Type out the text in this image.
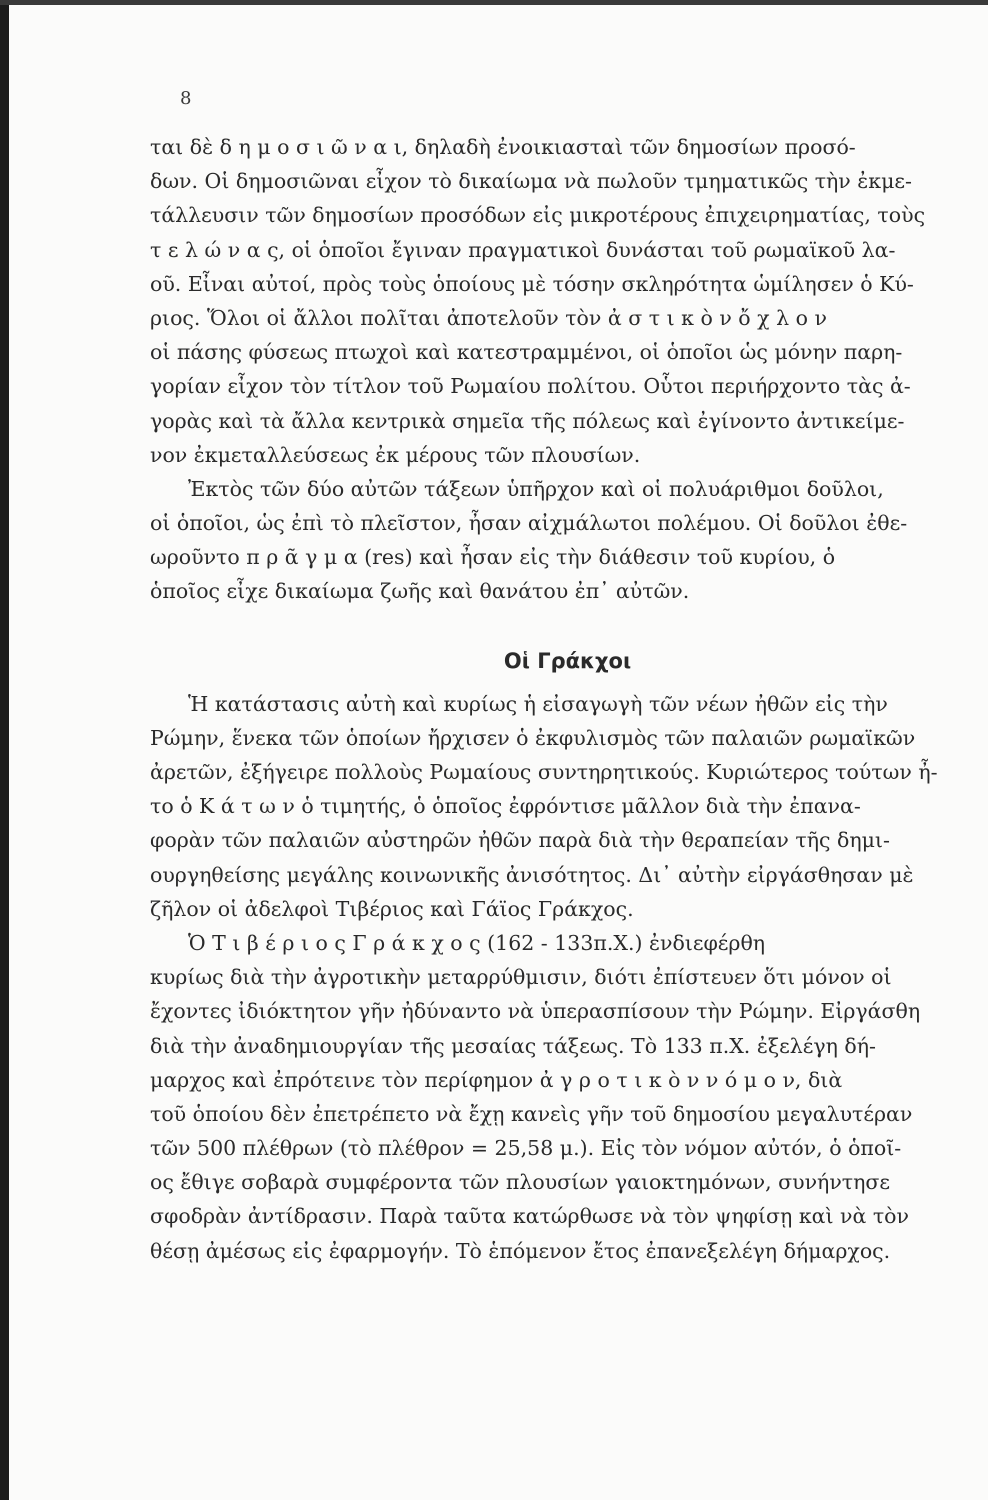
8
ται δὲ δ η μ ο σ ι ῶ ν α ι, δηλαδὴ ἐνοικιασταὶ τῶν δημοσίων προσό-
δων. Οἱ δημοσιῶναι εἶχον τὸ δικαίωμα νὰ πωλοῦν τμηματικῶς τὴν ἐκμε-
τάλλευσιν τῶν δημοσίων προσόδων εἰς μικροτέρους ἐπιχειρηματίας, τοὺς
τ ε λ ώ ν α ς, οἱ ὁποῖοι ἔγιναν πραγματικοὶ δυνάσται τοῦ ρωμαϊκοῦ λα-
οῦ. Εἶναι αὐτοί, πρὸς τοὺς ὁποίους μὲ τόσην σκληρότητα ὡμίλησεν ὁ Κύ-
ριος. Ὅλοι οἱ ἄλλοι πολῖται ἀποτελοῦν τὸν ἀ σ τ ι κ ὸ ν ὄ χ λ ο ν
οἱ πάσης φύσεως πτωχοὶ καὶ κατεστραμμένοι, οἱ ὁποῖοι ὡς μόνην παρη-
γορίαν εἶχον τὸν τίτλον τοῦ Ρωμαίου πολίτου. Οὗτοι περιήρχοντο τὰς ἀ-
γορὰς καὶ τὰ ἄλλα κεντρικὰ σημεῖα τῆς πόλεως καὶ ἐγίνοντο ἀντικείμε-
νον ἐκμεταλλεύσεως ἐκ μέρους τῶν πλουσίων.
Ἐκτὸς τῶν δύο αὐτῶν τάξεων ὑπῆρχον καὶ οἱ πολυάριθμοι δοῦλοι,
οἱ ὁποῖοι, ὡς ἐπὶ τὸ πλεῖστον, ἦσαν αἰχμάλωτοι πολέμου. Οἱ δοῦλοι ἐθε-
ωροῦντο π ρ ᾶ γ μ α (res) καὶ ἦσαν εἰς τὴν διάθεσιν τοῦ κυρίου, ὁ
ὁποῖος εἶχε δικαίωμα ζωῆς καὶ θανάτου ἐπ᾿ αὐτῶν.
Οἱ Γράκχοι
Ἡ κατάστασις αὐτὴ καὶ κυρίως ἡ εἰσαγωγὴ τῶν νέων ἠθῶν εἰς τὴν
Ρώμην, ἕνεκα τῶν ὁποίων ἤρχισεν ὁ ἐκφυλισμὸς τῶν παλαιῶν ρωμαϊκῶν
ἀρετῶν, ἐξήγειρε πολλοὺς Ρωμαίους συντηρητικούς. Κυριώτερος τούτων ἦ-
το ὁ Κ ά τ ω ν ὁ τιμητής, ὁ ὁποῖος ἐφρόντισε μᾶλλον διὰ τὴν ἐπανα-
φορὰν τῶν παλαιῶν αὐστηρῶν ἠθῶν παρὰ διὰ τὴν θεραπείαν τῆς δημι-
ουργηθείσης μεγάλης κοινωνικῆς ἀνισότητος. Δι᾿ αὐτὴν εἰργάσθησαν μὲ
ζῆλον οἱ ἀδελφοὶ Τιβέριος καὶ Γάϊος Γράκχος.
Ὁ Τ ι β έ ρ ι ο ς Γ ρ ά κ χ ο ς (162 - 133π.Χ.) ἐνδιεφέρθη
κυρίως διὰ τὴν ἀγροτικὴν μεταρρύθμισιν, διότι ἐπίστευεν ὅτι μόνον οἱ
ἔχοντες ἰδιόκτητον γῆν ἠδύναντο νὰ ὑπερασπίσουν τὴν Ρώμην. Εἰργάσθη
διὰ τὴν ἀναδημιουργίαν τῆς μεσαίας τάξεως. Τὸ 133 π.Χ. ἐξελέγη δή-
μαρχος καὶ ἐπρότεινε τὸν περίφημον ἀ γ ρ ο τ ι κ ὸ ν ν ό μ ο ν, διὰ
τοῦ ὁποίου δὲν ἐπετρέπετο νὰ ἔχῃ κανεὶς γῆν τοῦ δημοσίου μεγαλυτέραν
τῶν 500 πλέθρων (τὸ πλέθρον = 25,58 μ.). Εἰς τὸν νόμον αὐτόν, ὁ ὁποῖ-
ος ἔθιγε σοβαρὰ συμφέροντα τῶν πλουσίων γαιοκτημόνων, συνήντησε
σφοδρὰν ἀντίδρασιν. Παρὰ ταῦτα κατώρθωσε νὰ τὸν ψηφίσῃ καὶ νὰ τὸν
θέσῃ ἀμέσως εἰς ἐφαρμογήν. Τὸ ἑπόμενον ἔτος ἐπανεξελέγη δήμαρχος.
